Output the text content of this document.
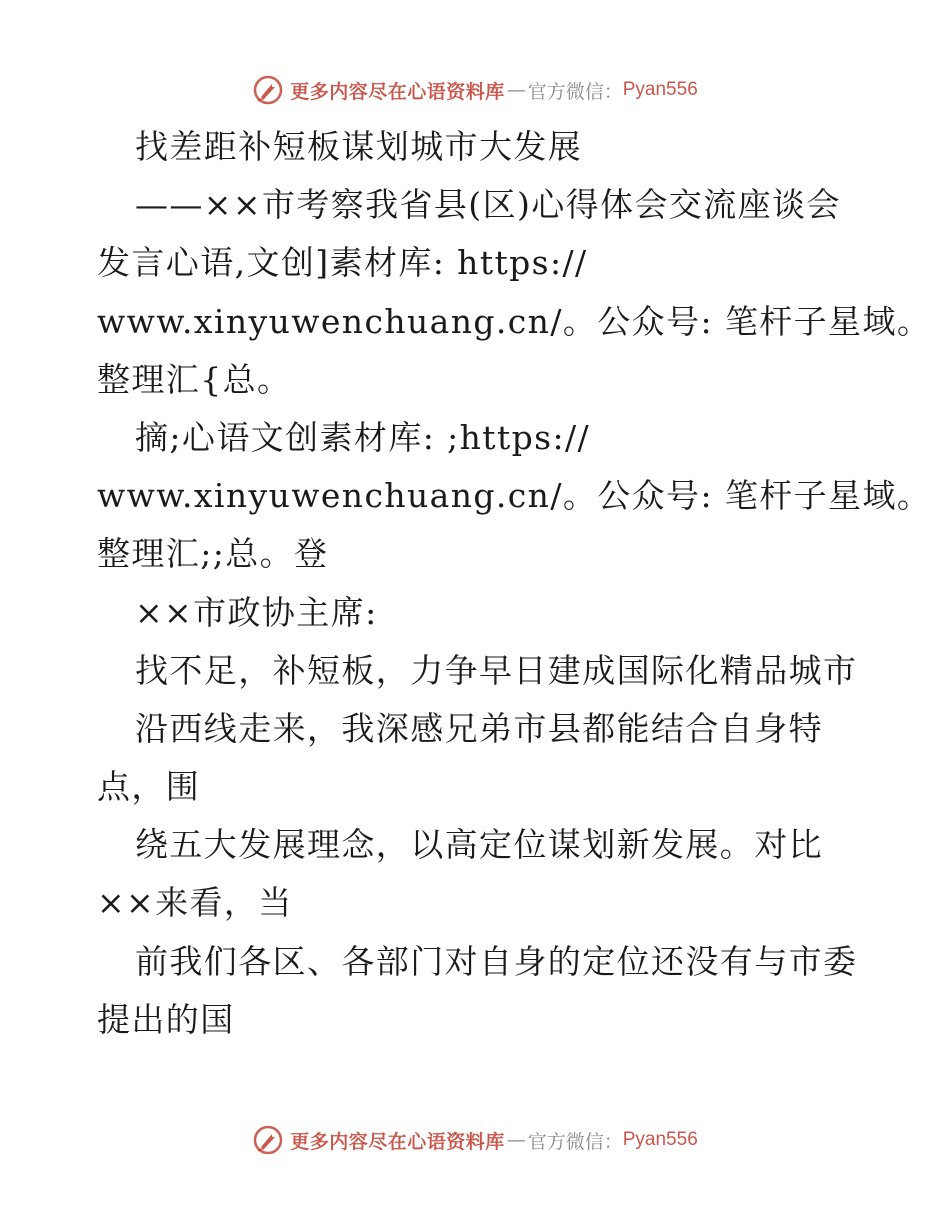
更多内容尽在心语资料库 — 官方微信： Pyan556
找差距补短板谋划城市大发展
——××市考察我省县(区)心得体会交流座谈会
发言心语,文创]素材库: https://
www.xinyuwenchuang.cn/。公众号: 笔杆子星域。
整理汇{总。
摘;心语文创素材库: ;https://
www.xinyuwenchuang.cn/。公众号: 笔杆子星域。
整理汇;;总。登
××市政协主席:
找不足，补短板，力争早日建成国际化精品城市
沿西线走来，我深感兄弟市县都能结合自身特
点，围
绕五大发展理念，以高定位谋划新发展。对比
××来看，当
前我们各区、各部门对自身的定位还没有与市委
提出的国
更多内容尽在心语资料库 — 官方微信： Pyan556
